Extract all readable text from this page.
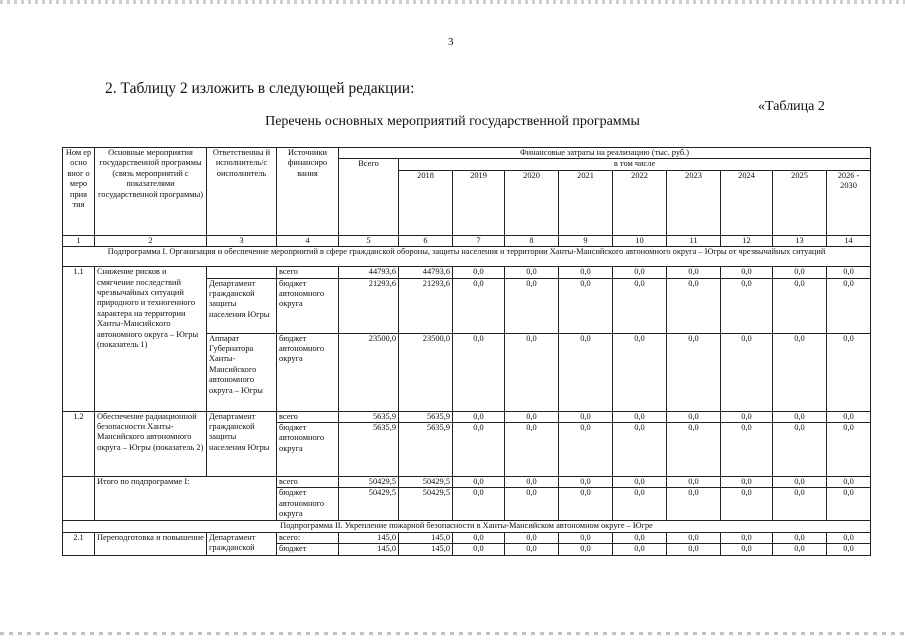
3
2. Таблицу 2 изложить в следующей редакции:
«Таблица 2
Перечень основных мероприятий государственной программы
Ном ер осно вног о меро прия тия	Основные мероприятия государственной программы (связь мероприятий с показателями государственной программы)	Ответственны й исполнитель/с оисполнитель	Источники финансиро вания	Финансовые затраты на реализацию (тыс. руб.)									
				Всего	в том числе								
					2018	2019	2020	2021	2022	2023	2024	2025	2026 - 2030
1	2	3	4	5	6	7	8	9	10	11	12	13	14
Подпрограмма I. Организация и обеспечение мероприятий в сфере гражданской обороны, защиты населения и территории Ханты-Мансийского автономного округа – Югры от чрезвычайных ситуаций													
1.1	Снижение рисков и смягчение последствий чрезвычайных ситуаций природного и техногенного характера на территории Ханты-Мансийского автономного округа – Югры (показатель 1)		всего	44793,6	44793,6	0,0	0,0	0,0	0,0	0,0	0,0	0,0	0,0
		Департамент гражданской защиты населения Югры	бюджет автономного округа	21293,6	21293,6	0,0	0,0	0,0	0,0	0,0	0,0	0,0	0,0
		Аппарат Губернатора Ханты-Мансийского автономного округа – Югры	бюджет автономного округа	23500,0	23500,0	0,0	0,0	0,0	0,0	0,0	0,0	0,0	0,0
1.2	Обеспечение радиационной безопасности Ханты-Мансийского автономного округа – Югры (показатель 2)	Департамент гражданской защиты населения Югры	всего	5635,9	5635,9	0,0	0,0	0,0	0,0	0,0	0,0	0,0	0,0
			бюджет автономного округа	5635,9	5635,9	0,0	0,0	0,0	0,0	0,0	0,0	0,0	0,0
	Итого по подпрограмме I:		всего	50429,5	50429,5	0,0	0,0	0,0	0,0	0,0	0,0	0,0	0,0
			бюджет автономного округа	50429,5	50429,5	0,0	0,0	0,0	0,0	0,0	0,0	0,0	0,0
Подпрограмма II. Укрепление пожарной безопасности в Ханты-Мансийском автономном округе – Югре													
2.1	Переподготовка и повышение	Департамент гражданской	всего:	145,0	145,0	0,0	0,0	0,0	0,0	0,0	0,0	0,0	0,0
			бюджет	145,0	145,0	0,0	0,0	0,0	0,0	0,0	0,0	0,0	0,0
